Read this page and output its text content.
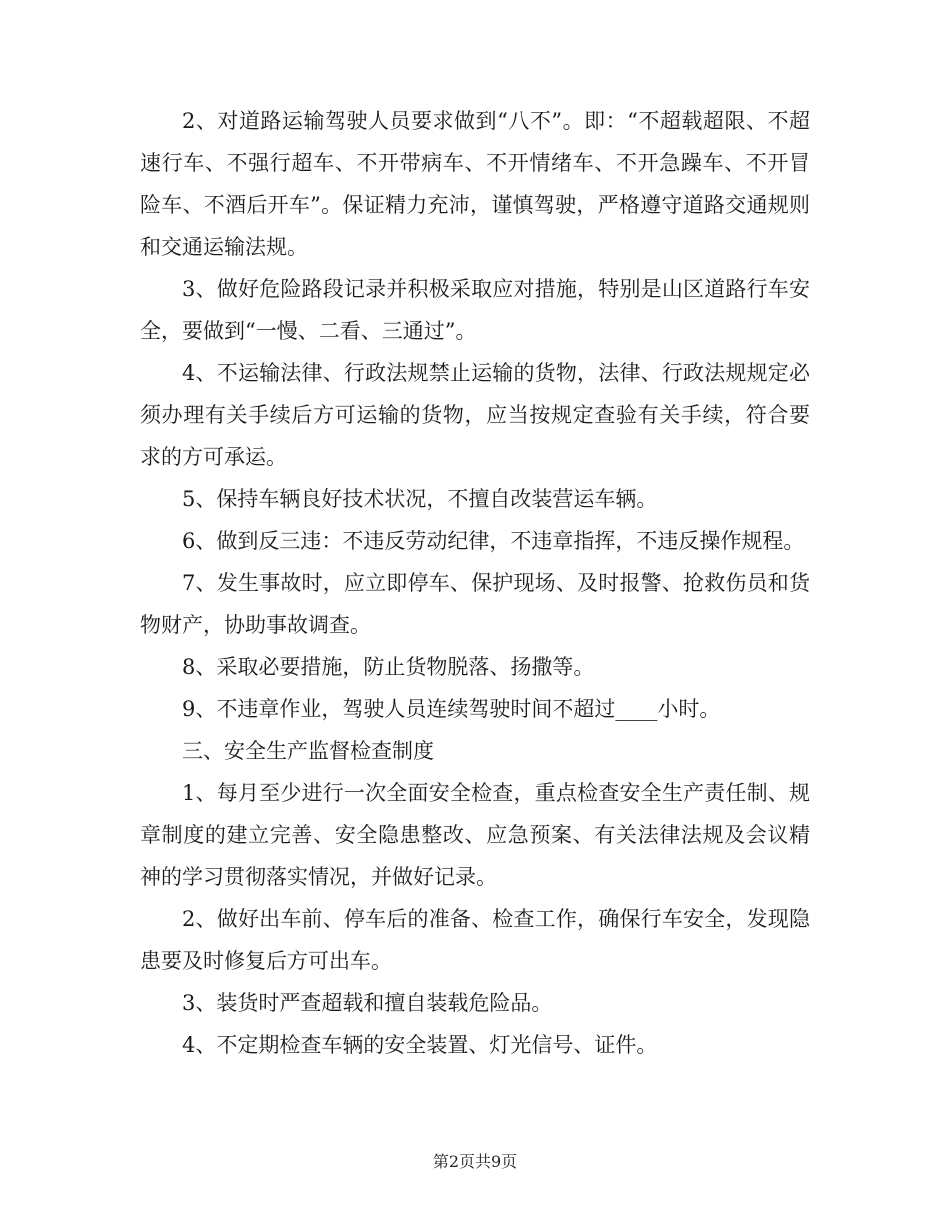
2、对道路运输驾驶人员要求做到“八不”。即：“不超载超限、不超速行车、不强行超车、不开带病车、不开情绪车、不开急躁车、不开冒险车、不酒后开车”。保证精力充沛，谨慎驾驶，严格遵守道路交通规则和交通运输法规。

3、做好危险路段记录并积极采取应对措施，特别是山区道路行车安全，要做到“一慢、二看、三通过”。

4、不运输法律、行政法规禁止运输的货物，法律、行政法规规定必须办理有关手续后方可运输的货物，应当按规定查验有关手续，符合要求的方可承运。

5、保持车辆良好技术状况，不擅自改装营运车辆。

6、做到反三违：不违反劳动纪律，不违章指挥，不违反操作规程。

7、发生事故时，应立即停车、保护现场、及时报警、抢救伤员和货物财产，协助事故调查。

8、采取必要措施，防止货物脱落、扬撒等。

9、不违章作业，驾驶人员连续驾驶时间不超过____小时。

三、安全生产监督检查制度

1、每月至少进行一次全面安全检查，重点检查安全生产责任制、规章制度的建立完善、安全隐患整改、应急预案、有关法律法规及会议精神的学习贯彻落实情况，并做好记录。

2、做好出车前、停车后的准备、检查工作，确保行车安全，发现隐患要及时修复后方可出车。

3、装货时严查超载和擅自装载危险品。

4、不定期检查车辆的安全装置、灯光信号、证件。

第2页共9页
